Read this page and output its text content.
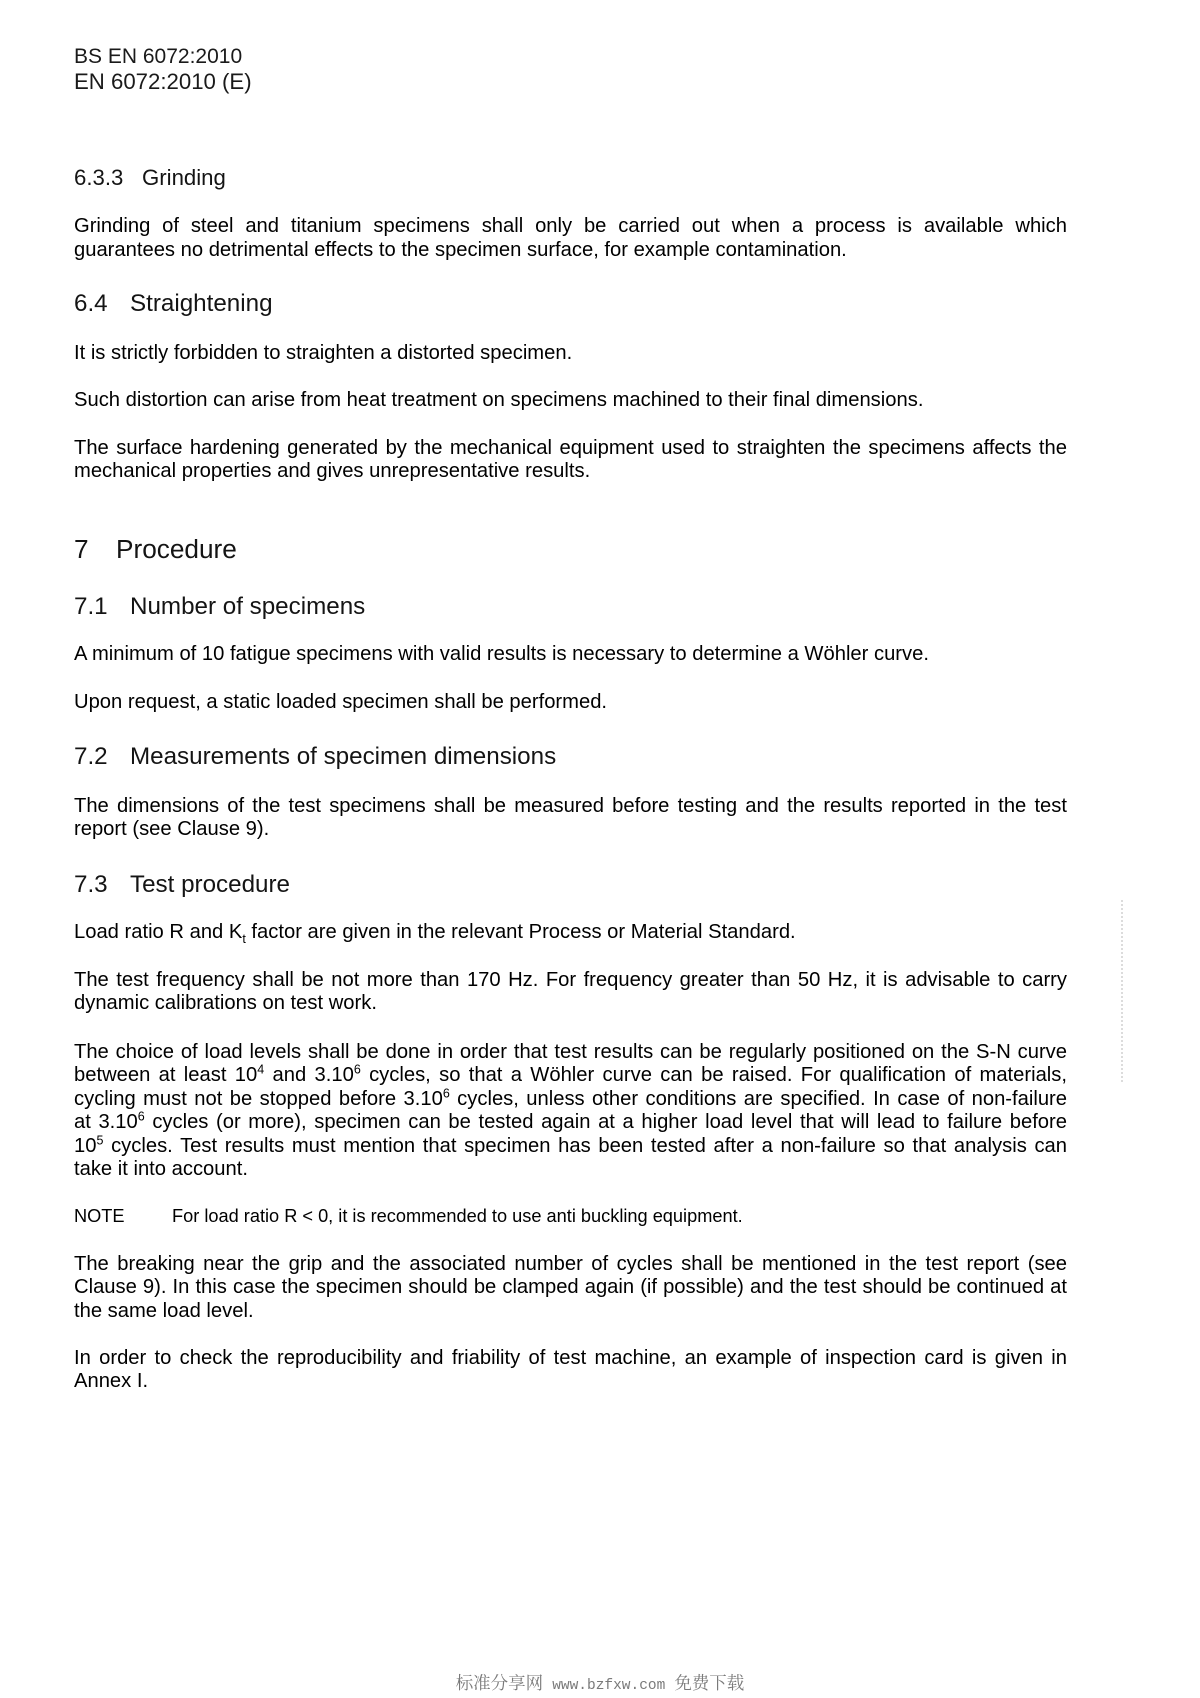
BS EN 6072:2010
EN 6072:2010 (E)
6.3.3 Grinding
Grinding of steel and titanium specimens shall only be carried out when a process is available which
guarantees no detrimental effects to the specimen surface, for example contamination.
6.4 Straightening
It is strictly forbidden to straighten a distorted specimen.
Such distortion can arise from heat treatment on specimens machined to their final dimensions.
The surface hardening generated by the mechanical equipment used to straighten the specimens affects the
mechanical properties and gives unrepresentative results.
7 Procedure
7.1 Number of specimens
A minimum of 10 fatigue specimens with valid results is necessary to determine a Wöhler curve.
Upon request, a static loaded specimen shall be performed.
7.2 Measurements of specimen dimensions
The dimensions of the test specimens shall be measured before testing and the results reported in the test
report (see Clause 9).
7.3 Test procedure
Load ratio R and $K_t$ factor are given in the relevant Process or Material Standard.
The test frequency shall be not more than 170 Hz. For frequency greater than 50 Hz, it is advisable to carry
dynamic calibrations on test work.
The choice of load levels shall be done in order that test results can be regularly positioned on the S-N curve
between at least $10^4$ and 3.10$^6$ cycles, so that a Wöhler curve can be raised. For qualification of materials,
cycling must not be stopped before 3.10$^6$ cycles, unless other conditions are specified. In case of non-failure
at 3.10$^6$ cycles (or more), specimen can be tested again at a higher load level that will lead to failure before
$10^5$ cycles. Test results must mention that specimen has been tested after a non-failure so that analysis can
take it into account.
NOTE	For load ratio R < 0, it is recommended to use anti buckling equipment.
The breaking near the grip and the associated number of cycles shall be mentioned in the test report (see
Clause 9). In this case the specimen should be clamped again (if possible) and the test should be continued at
the same load level.
In order to check the reproducibility and friability of test machine, an example of inspection card is given in
Annex I.
标准分享网 www.bzfxw.com 免费下载
